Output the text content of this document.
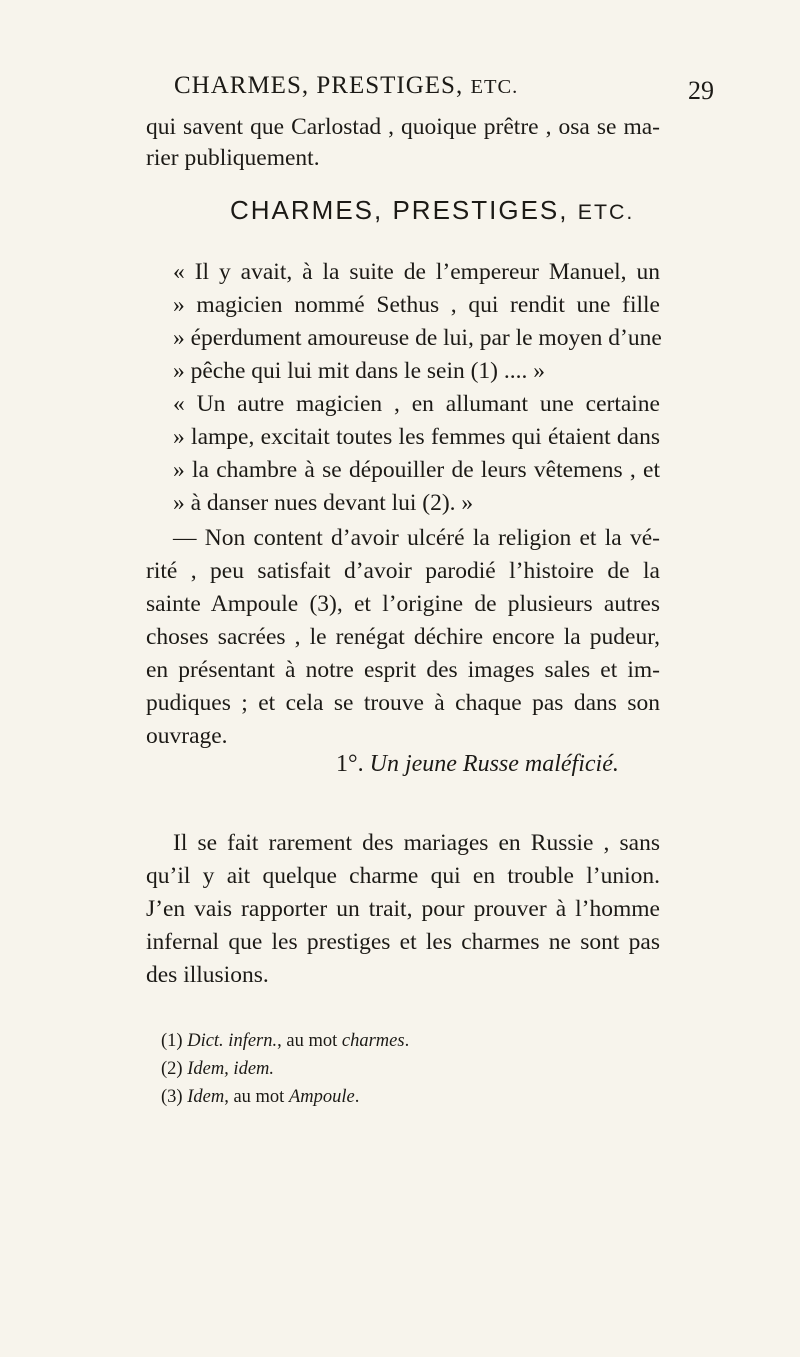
CHARMES, PRESTIGES, ETC.	29
qui savent que Carlostad , quoique prêtre , osa se ma-
rier publiquement.
CHARMES, PRESTIGES, ETC.
« Il y avait, à la suite de l’empereur Manuel, un
» magicien nommé Sethus , qui rendit une fille
» éperdument amoureuse de lui, par le moyen d’une
» pêche qui lui mit dans le sein (1) .... »
« Un autre magicien , en allumant une certaine
» lampe, excitait toutes les femmes qui étaient dans
» la chambre à se dépouiller de leurs vêtemens , et
» à danser nues devant lui (2). »
— Non content d’avoir ulcéré la religion et la vé-
rité , peu satisfait d’avoir parodié l’histoire de la
sainte Ampoule (3), et l’origine de plusieurs autres
choses sacrées , le renégat déchire encore la pudeur,
en présentant à notre esprit des images sales et im-
pudiques ; et cela se trouve à chaque pas dans son
ouvrage.
1°. Un jeune Russe maléficié.
Il se fait rarement des mariages en Russie , sans
qu’il y ait quelque charme qui en trouble l’union.
J’en vais rapporter un trait, pour prouver à l’homme
infernal que les prestiges et les charmes ne sont pas
des illusions.
(1) Dict. infern., au mot charmes.
(2) Idem, idem.
(3) Idem, au mot Ampoule.
